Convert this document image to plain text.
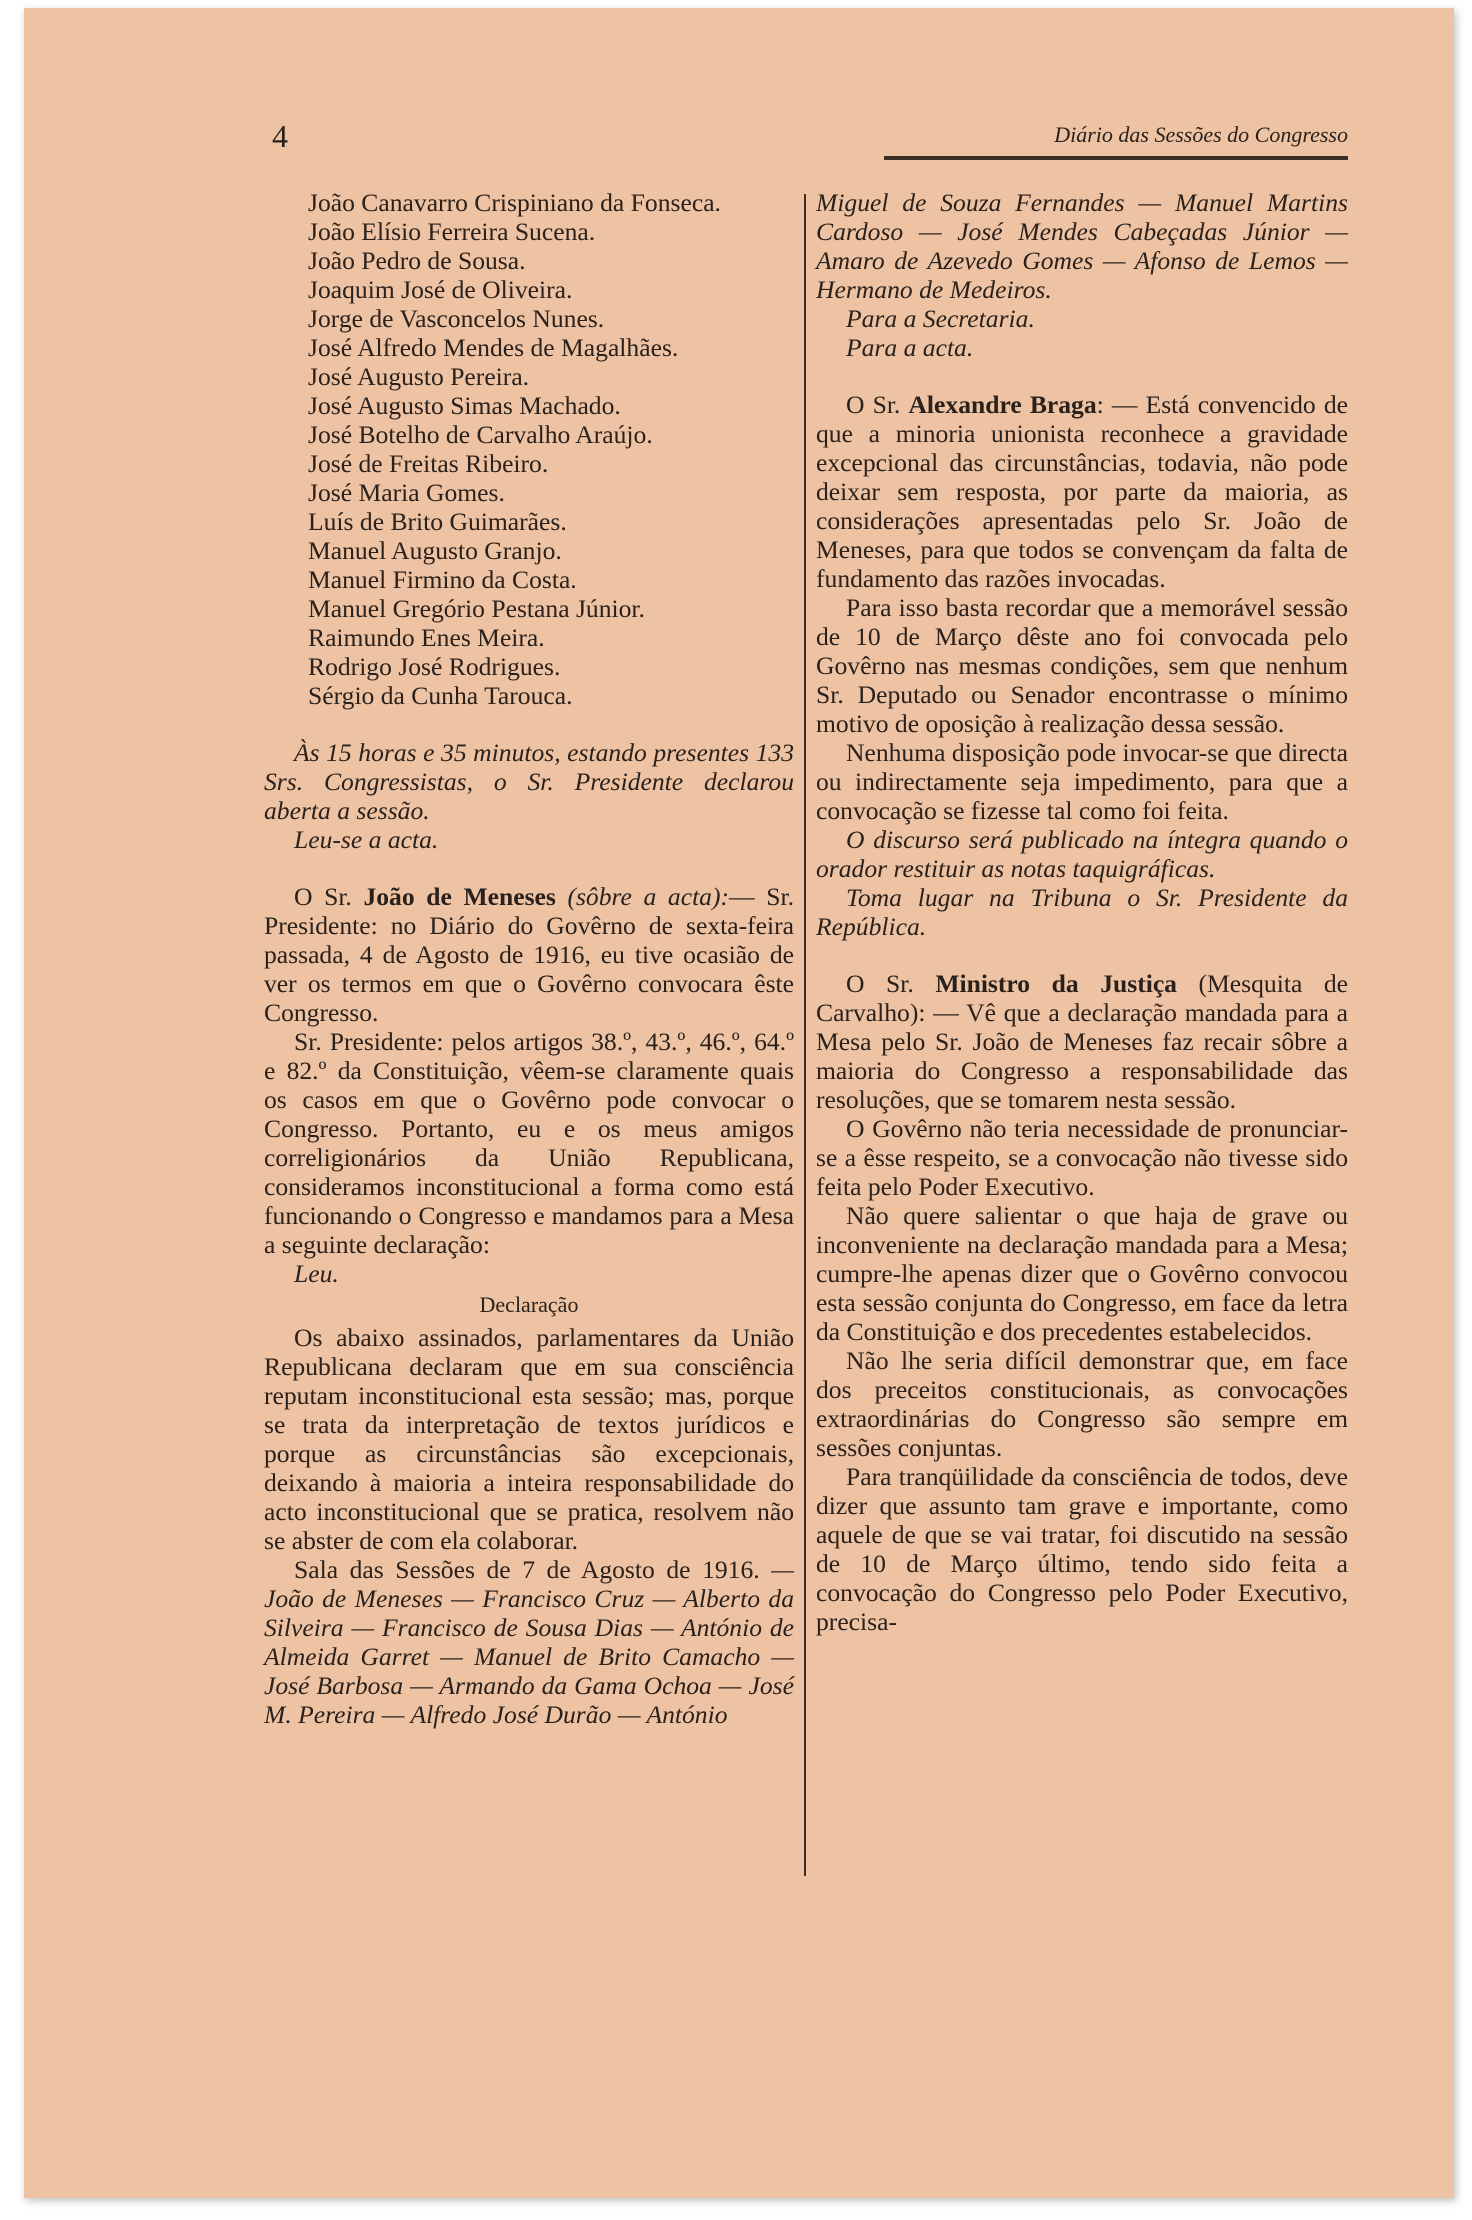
4	Diário das Sessões do Congresso

João Canavarro Crispiniano da Fonseca.

João Elísio Ferreira Sucena.

João Pedro de Sousa.

Joaquim José de Oliveira.

Jorge de Vasconcelos Nunes.

José Alfredo Mendes de Magalhães.

José Augusto Pereira.

José Augusto Simas Machado.

José Botelho de Carvalho Araújo.

José de Freitas Ribeiro.

José Maria Gomes.

Luís de Brito Guimarães.

Manuel Augusto Granjo.

Manuel Firmino da Costa.

Manuel Gregório Pestana Júnior.

Raimundo Enes Meira.

Rodrigo José Rodrigues.

Sérgio da Cunha Tarouca.

Às 15 horas e 35 minutos, estando presentes 133 Srs. Congressistas, o Sr. Presidente declarou aberta a sessão.

Leu-se a acta.

O Sr. João de Meneses (sôbre a acta):— Sr. Presidente: no Diário do Govêrno de sexta-feira passada, 4 de Agosto de 1916, eu tive ocasião de ver os termos em que o Govêrno convocara êste Congresso.

Sr. Presidente: pelos artigos 38.º, 43.º, 46.º, 64.º e 82.º da Constituição, vêem-se claramente quais os casos em que o Govêrno pode convocar o Congresso. Portanto, eu e os meus amigos correligionários da União Republicana, consideramos inconstitucional a forma como está funcionando o Congresso e mandamos para a Mesa a seguinte declaração:

Leu.

Declaração

Os abaixo assinados, parlamentares da União Republicana declaram que em sua consciência reputam inconstitucional esta sessão; mas, porque se trata da interpretação de textos jurídicos e porque as circunstâncias são excepcionais, deixando à maioria a inteira responsabilidade do acto inconstitucional que se pratica, resolvem não se abster de com ela colaborar.

Sala das Sessões de 7 de Agosto de 1916. — João de Meneses — Francisco Cruz — Alberto da Silveira — Francisco de Sousa Dias — António de Almeida Garret — Manuel de Brito Camacho — José Barbosa — Armando da Gama Ochoa — José M. Pereira — Alfredo José Durão — António

Miguel de Souza Fernandes — Manuel Martins Cardoso — José Mendes Cabeçadas Júnior — Amaro de Azevedo Gomes — Afonso de Lemos — Hermano de Medeiros.

Para a Secretaria.

Para a acta.

O Sr. Alexandre Braga: — Está convencido de que a minoria unionista reconhece a gravidade excepcional das circunstâncias, todavia, não pode deixar sem resposta, por parte da maioria, as considerações apresentadas pelo Sr. João de Meneses, para que todos se convençam da falta de fundamento das razões invocadas.

Para isso basta recordar que a memorável sessão de 10 de Março dêste ano foi convocada pelo Govêrno nas mesmas condições, sem que nenhum Sr. Deputado ou Senador encontrasse o mínimo motivo de oposição à realização dessa sessão.

Nenhuma disposição pode invocar-se que directa ou indirectamente seja impedimento, para que a convocação se fizesse tal como foi feita.

O discurso será publicado na íntegra quando o orador restituir as notas taquigráficas.

Toma lugar na Tribuna o Sr. Presidente da República.

O Sr. Ministro da Justiça (Mesquita de Carvalho): — Vê que a declaração mandada para a Mesa pelo Sr. João de Meneses faz recair sôbre a maioria do Congresso a responsabilidade das resoluções, que se tomarem nesta sessão.

O Govêrno não teria necessidade de pronunciar-se a êsse respeito, se a convocação não tivesse sido feita pelo Poder Executivo.

Não quere salientar o que haja de grave ou inconveniente na declaração mandada para a Mesa; cumpre-lhe apenas dizer que o Govêrno convocou esta sessão conjunta do Congresso, em face da letra da Constituição e dos precedentes estabelecidos.

Não lhe seria difícil demonstrar que, em face dos preceitos constitucionais, as convocações extraordinárias do Congresso são sempre em sessões conjuntas.

Para tranqüilidade da consciência de todos, deve dizer que assunto tam grave e importante, como aquele de que se vai tratar, foi discutido na sessão de 10 de Março último, tendo sido feita a convocação do Congresso pelo Poder Executivo, precisa-
